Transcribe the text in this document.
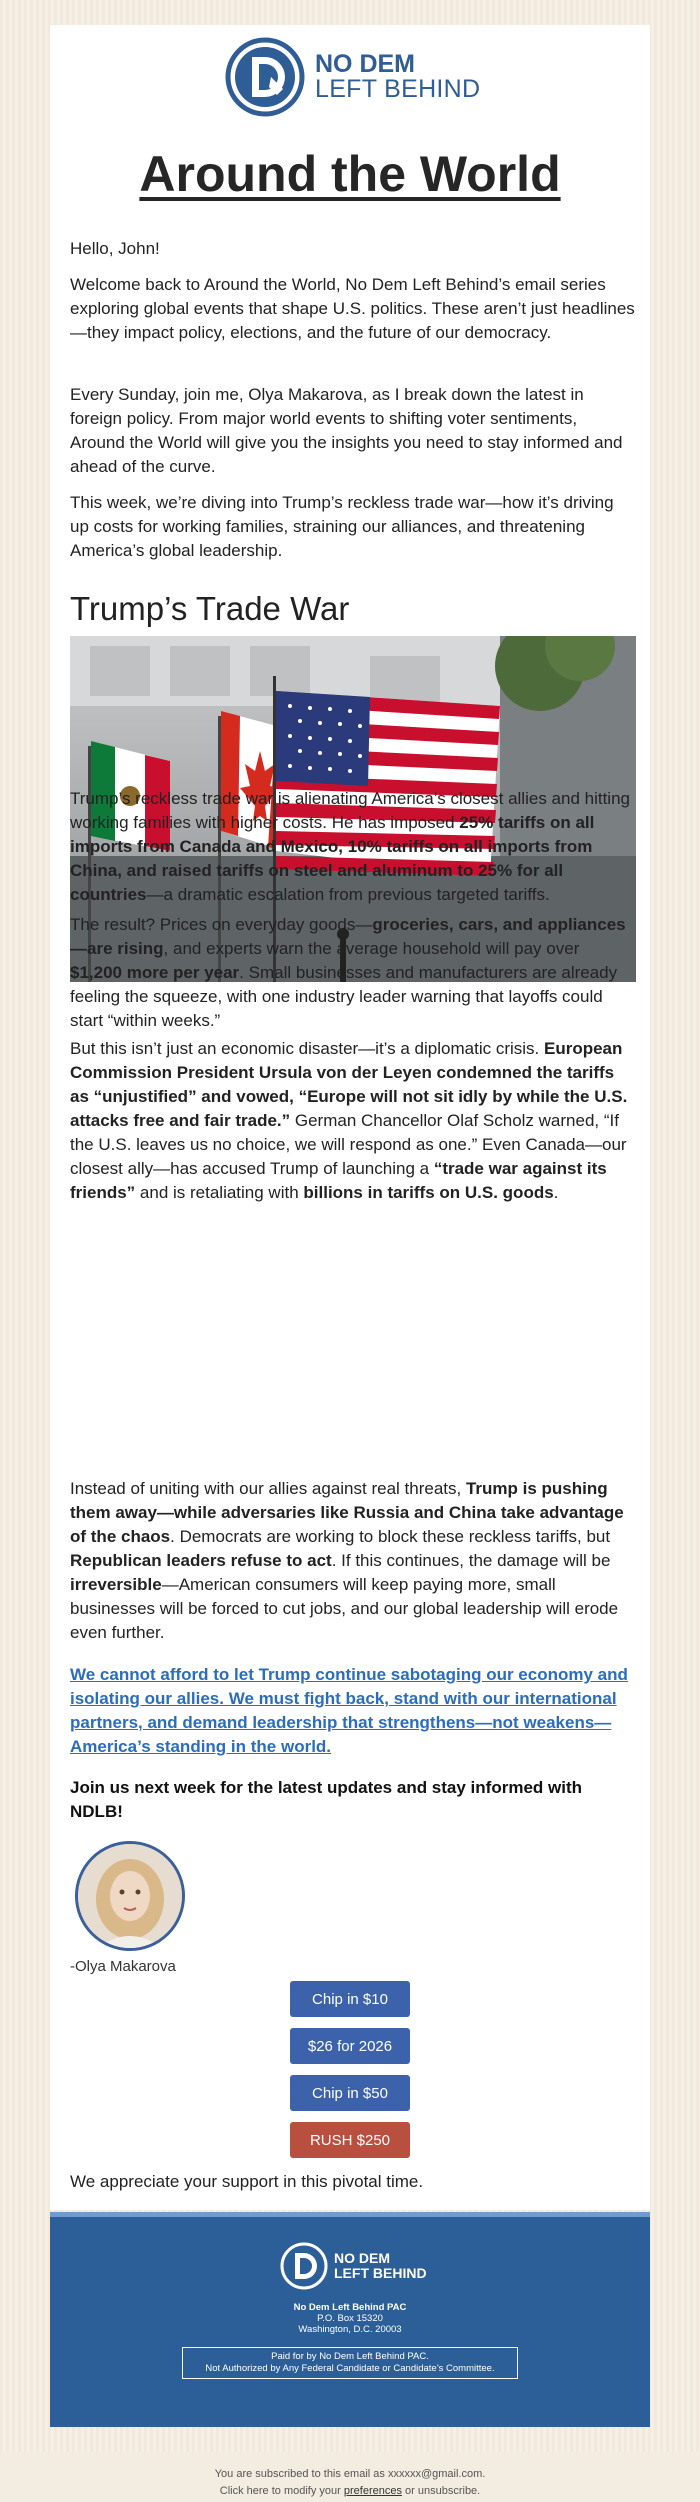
NO DEM
LEFT BEHIND
Around the World

Hello, John!

Welcome back to Around the World, No Dem Left Behind’s email series exploring global events that shape U.S. politics. These aren’t just headlines—they impact policy, elections, and the future of our democracy.

Every Sunday, join me, Olya Makarova, as I break down the latest in foreign policy. From major world events to shifting voter sentiments, Around the World will give you the insights you need to stay informed and ahead of the curve.

This week, we’re diving into Trump’s reckless trade war—how it’s driving up costs for working families, straining our alliances, and threatening America’s global leadership.

Trump’s Trade War

Trump’s reckless trade war is alienating America’s closest allies and hitting working families with higher costs. He has imposed 25% tariffs on all imports from Canada and Mexico, 10% tariffs on all imports from China, and raised tariffs on steel and aluminum to 25% for all countries—a dramatic escalation from previous targeted tariffs.

The result? Prices on everyday goods—groceries, cars, and appliances—are rising, and experts warn the average household will pay over $1,200 more per year. Small businesses and manufacturers are already feeling the squeeze, with one industry leader warning that layoffs could start “within weeks.”

But this isn’t just an economic disaster—it’s a diplomatic crisis. European Commission President Ursula von der Leyen condemned the tariffs as “unjustified” and vowed, “Europe will not sit idly by while the U.S. attacks free and fair trade.” German Chancellor Olaf Scholz warned, “If the U.S. leaves us no choice, we will respond as one.” Even Canada—our closest ally—has accused Trump of launching a “trade war against its friends” and is retaliating with billions in tariffs on U.S. goods.

Instead of uniting with our allies against real threats, Trump is pushing them away—while adversaries like Russia and China take advantage of the chaos. Democrats are working to block these reckless tariffs, but Republican leaders refuse to act. If this continues, the damage will be irreversible—American consumers will keep paying more, small businesses will be forced to cut jobs, and our global leadership will erode even further.

We cannot afford to let Trump continue sabotaging our economy and isolating our allies. We must fight back, stand with our international partners, and demand leadership that strengthens—not weakens—America’s standing in the world.

Join us next week for the latest updates and stay informed with NDLB!

-Olya Makarova

Chip in $10
$26 for 2026
Chip in $50
RUSH $250

We appreciate your support in this pivotal time.

NO DEM
LEFT BEHIND
No Dem Left Behind PAC
P.O. Box 15320
Washington, D.C. 20003
Paid for by No Dem Left Behind PAC.
Not Authorized by Any Federal Candidate or Candidate’s Committee.
You are subscribed to this email as xxxxxx@gmail.com.
Click here to modify your preferences or unsubscribe.
